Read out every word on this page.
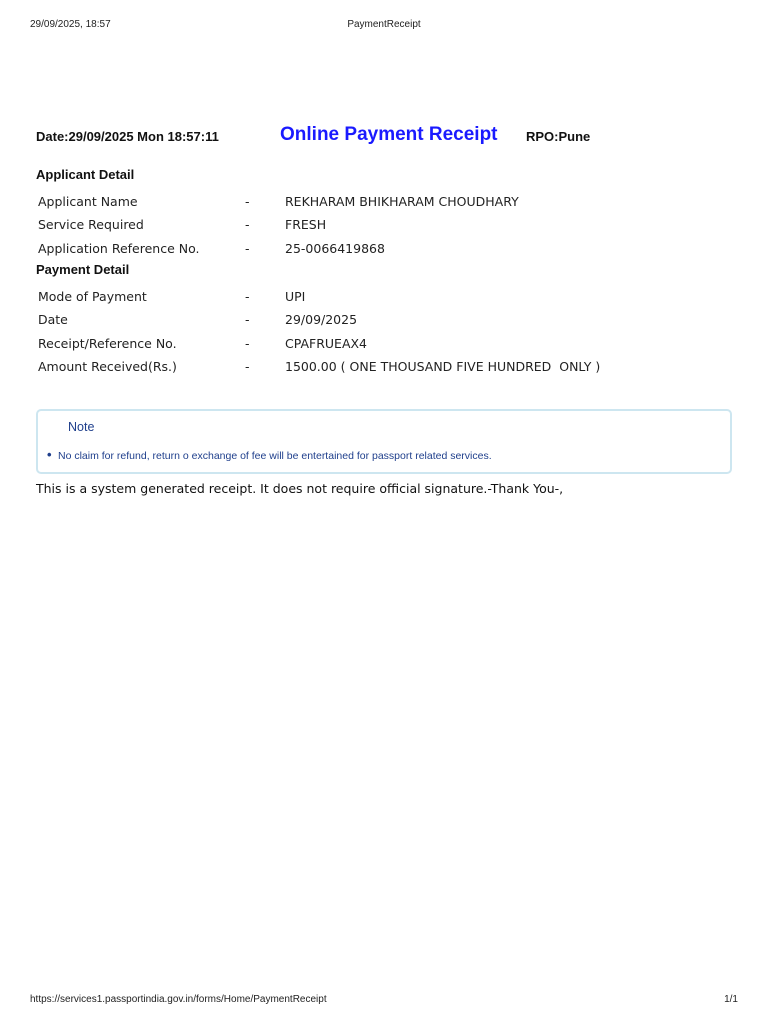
29/09/2025, 18:57	PaymentReceipt
Date:29/09/2025 Mon 18:57:11	Online Payment Receipt RPO:Pune
Applicant Detail
Applicant Name	-	REKHARAM BHIKHARAM CHOUDHARY
Service Required	-	FRESH
Application Reference No.	-	25-0066419868
Payment Detail
Mode of Payment	-	UPI
Date	-	29/09/2025
Receipt/Reference No.	-	CPAFRUEAX4
Amount Received(Rs.)	-	1500.00 ( ONE THOUSAND FIVE HUNDRED  ONLY )
Note
• No claim for refund, return o exchange of fee will be entertained for passport related services.
This is a system generated receipt. It does not require official signature.-Thank You-,
https://services1.passportindia.gov.in/forms/Home/PaymentReceipt	1/1
